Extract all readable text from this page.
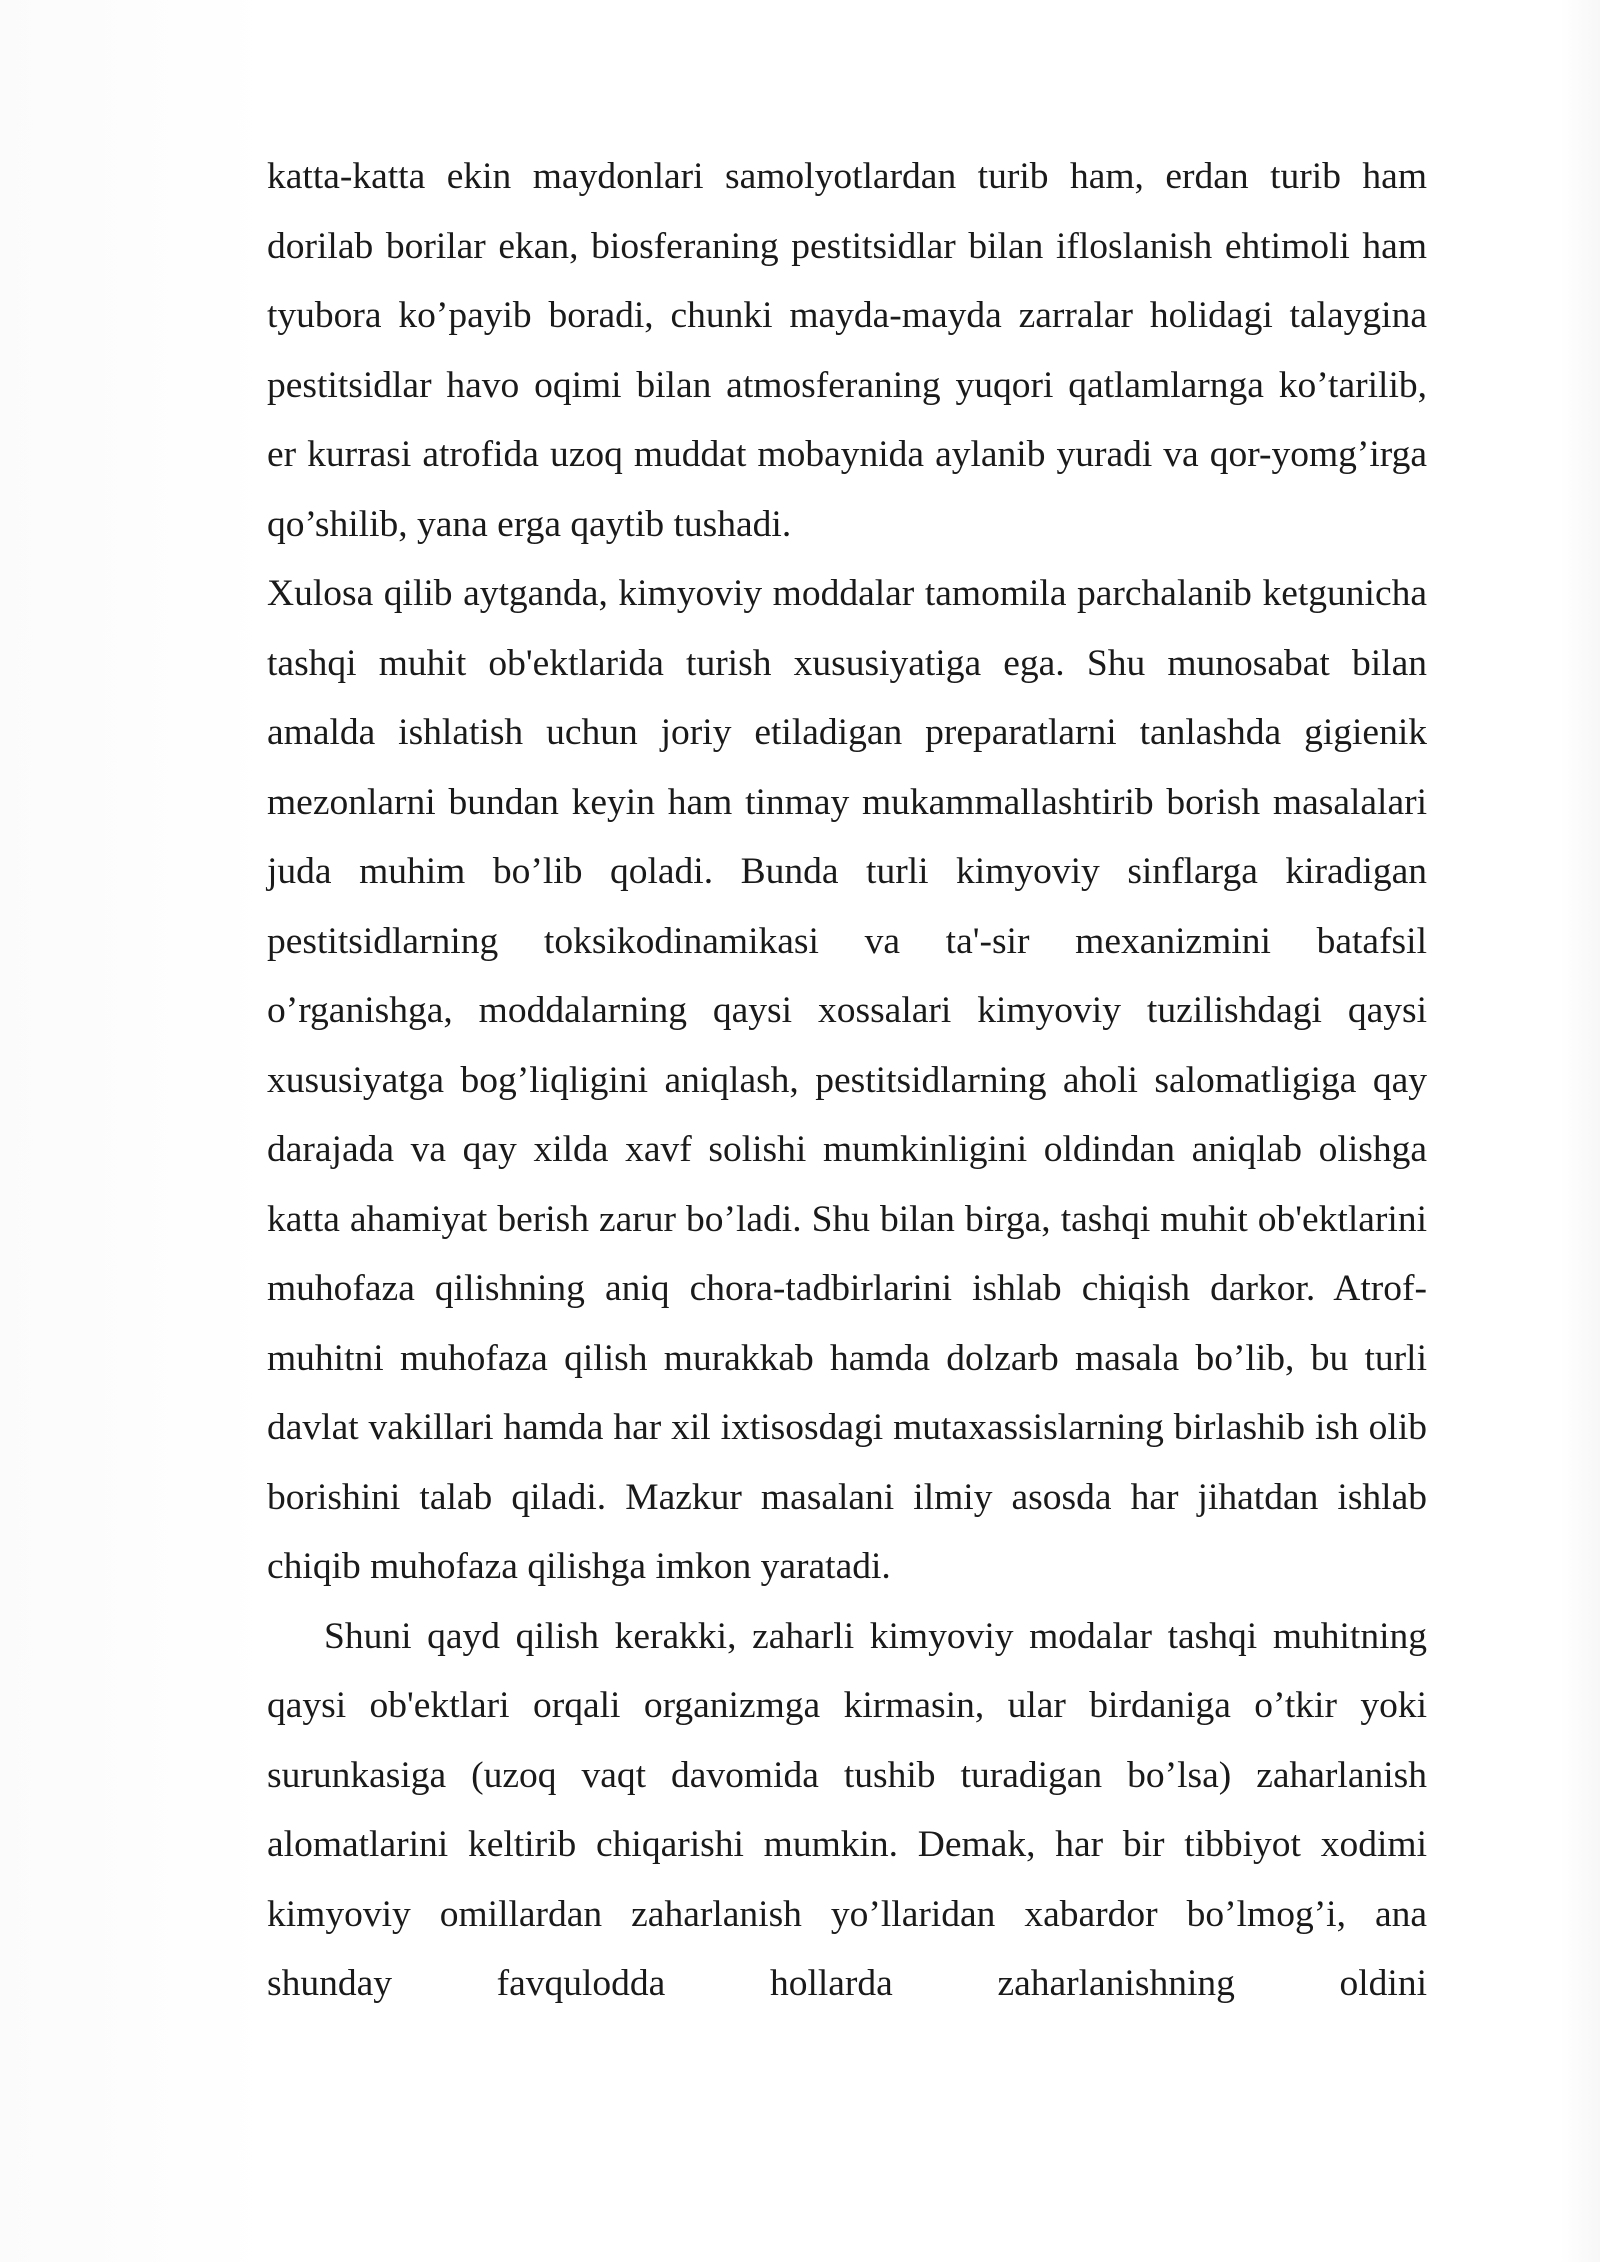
katta-katta ekin maydonlari samolyotlardan turib ham, erdan turib ham dorilab borilar ekan, biosferaning pestitsidlar bilan ifloslanish ehtimoli ham tyubora ko’payib boradi, chunki mayda-mayda zarralar holidagi talaygina pestitsidlar havo oqimi bilan atmosferaning yuqori qatlamlarnga ko’tarilib, er kurrasi atrofida uzoq muddat mobaynida aylanib yuradi va qor-yomg’irga qo’shilib, yana erga qaytib tushadi.

Xulosa qilib aytganda, kimyoviy moddalar tamomila parchalanib ketgunicha tashqi muhit ob'ektlarida turish xususiyatiga ega. Shu munosabat bilan amalda ishlatish uchun joriy etiladigan preparatlarni tanlashda gigienik mezonlarni bundan keyin ham tinmay mukammallashtirib borish masalalari juda muhim bo’lib qoladi. Bunda turli kimyoviy sinflarga kiradigan pestitsidlarning toksikodinamikasi va ta'-sir mexanizmini batafsil o’rganishga, moddalarning qaysi xossalari kimyoviy tuzilishdagi qaysi xususiyatga bog’liqligini aniqlash, pestitsidlarning aholi salomatligiga qay darajada va qay xilda xavf solishi mumkinligini oldindan aniqlab olishga katta ahamiyat berish zarur bo’ladi. Shu bilan birga, tashqi muhit ob'ektlarini muhofaza qilishning aniq chora-tadbirlarini ishlab chiqish darkor. Atrof-muhitni muhofaza qilish murakkab hamda dolzarb masala bo’lib, bu turli davlat vakillari hamda har xil ixtisosdagi mutaxassislarning birlashib ish olib borishini talab qiladi. Mazkur masalani ilmiy asosda har jihatdan ishlab chiqib muhofaza qilishga imkon yaratadi.

Shuni qayd qilish kerakki, zaharli kimyoviy modalar tashqi muhitning qaysi ob'ektlari orqali organizmga kirmasin, ular birdaniga o’tkir yoki surunkasiga (uzoq vaqt davomida tushib turadigan bo’lsa) zaharlanish alomatlarini keltirib chiqarishi mumkin. Demak, har bir tibbiyot xodimi kimyoviy omillardan zaharlanish yo’llaridan xabardor bo’lmog’i, ana shunday favqulodda hollarda zaharlanishning oldini
